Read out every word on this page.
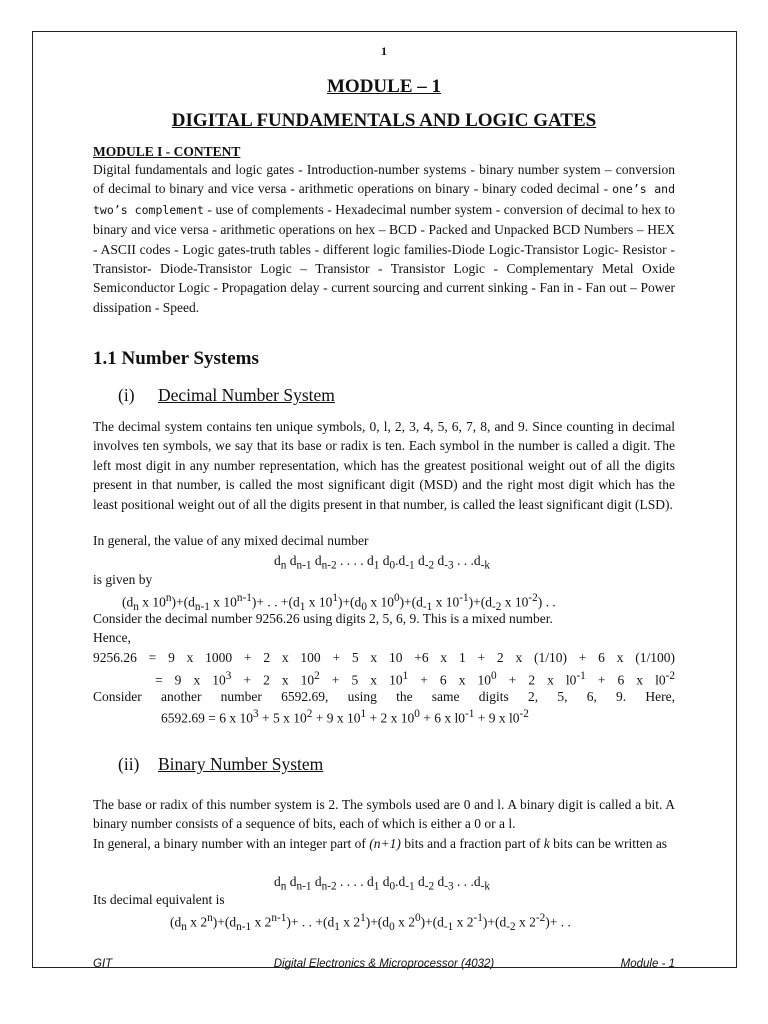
1
MODULE – 1
DIGITAL FUNDAMENTALS AND LOGIC GATES
MODULE I - CONTENT

Digital fundamentals and logic gates - Introduction-number systems - binary number system – conversion of decimal to binary and vice versa - arithmetic operations on binary - binary coded decimal - one’s and two’s complement - use of complements - Hexadecimal number system - conversion of decimal to hex to binary and vice versa - arithmetic operations on hex – BCD - Packed and Unpacked BCD Numbers – HEX - ASCII codes - Logic gates-truth tables - different logic families-Diode Logic-Transistor Logic- Resistor -Transistor- Diode-Transistor Logic – Transistor - Transistor Logic - Complementary Metal Oxide Semiconductor Logic - Propagation delay - current sourcing and current sinking - Fan in - Fan out – Power dissipation - Speed.

1.1 Number Systems
(i) Decimal Number System

The decimal system contains ten unique symbols, 0, l, 2, 3, 4, 5, 6, 7, 8, and 9. Since counting in decimal involves ten symbols, we say that its base or radix is ten. Each symbol in the number is called a digit. The left most digit in any number representation, which has the greatest positional weight out of all the digits present in that number, is called the most significant digit (MSD) and the right most digit which has the least positional weight out of all the digits present in that number, is called the least significant digit (LSD).

In general, the value of any mixed decimal number
$d_n$ $d_{n-1}$ $d_{n-2}$ . . . . $d_1$ $d_0.d_{-1}$ $d_{-2}$ $d_{-3}$ . . $.d_{-k}$
is given by
($d_n$ x $10^n)+(d_{n-1}$ x $10^{n-1})+$ . . $+(d_1$ x $10^1)+(d_0$ x $10^0)+(d_{-1}$ x $10^{-1})+(d_{-2}$ x $10^{-2}$) . .
Consider the decimal number 9256.26 using digits 2, 5, 6, 9. This is a mixed number.
Hence,
9256.26 = 9 x 1000 + 2 x 100 + 5 x 10 +6 x 1 + 2 x (1/10) + 6 x (1/100)
= 9 x $10^3 + 2$ x $10^2 + 5$ x $10^1 + 6$ x $10^0 + 2$ x $l0^{-1} + 6$ x $l0^{-2}$
Consider another number 6592.69, using the same digits 2, 5, 6, 9. Here,
6592.69 = 6 x $10^3 + 5$ x $10^2 + 9$ x $10^1 + 2$ x $10^0 + 6$ x $l0^{-1} + 9$ x $l0^{-2}$
(ii) Binary Number System

The base or radix of this number system is 2. The symbols used are 0 and l. A binary digit is called a bit. A binary number consists of a sequence of bits, each of which is either a 0 or a l.

In general, a binary number with an integer part of (n+1) bits and a fraction part of k bits can be written as

$d_n$ $d_{n-1}$ $d_{n-2}$ . . . . $d_1$ $d_0.d_{-1}$ $d_{-2}$ $d_{-3}$ . . $.d_{-k}$
Its decimal equivalent is
($d_n$ x $2^n)+(d_{n-1}$ x $2^{n-1})+$ . . $+(d_1$ x $2^1)+(d_0$ x $2^0)+(d_{-1}$ x $2^{-1})+(d_{-2}$ x $2^{-2})+$ . .
GIT	Digital Electronics & Microprocessor (4032)	Module - 1
